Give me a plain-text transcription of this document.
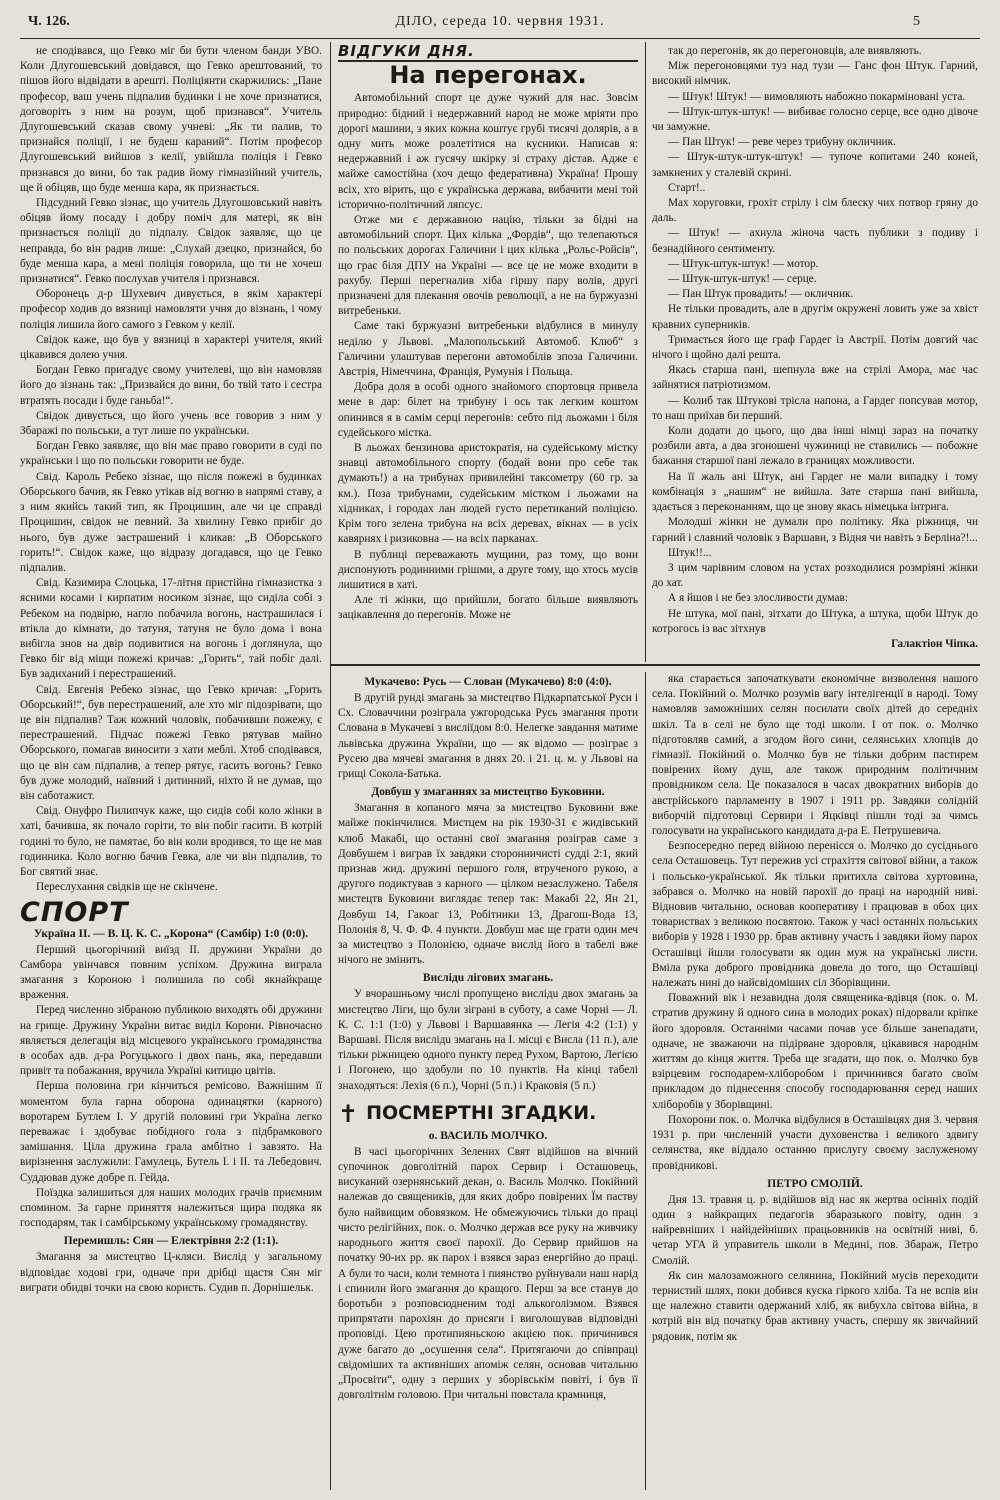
Ч. 126.	ДІЛО, середа 10. червня 1931.	5

не сподівався, що Гевко міг би бути членом банди УВО. Коли Длугошевський довідався, що Гевко арештований, то пішов його відвідати в арешті. Поліціянти скаржились: „Пане професор, ваш учень підпалив будинки і не хоче признатися, договоріть з ним на розум, щоб признався“. Учитель Длугошевський сказав свому учневі: „Як ти палив, то признайся поліції, і не будеш караний“. Потім професор Длугошевський вийшов з келії, увійшла поліція і Гевко признався до вини, бо так радив йому гімназійний учитель, ще й обіцяв, що буде менша кара, як признається.

Підсудний Гевко зізнає, що учитель Длугошовський навіть обіцяв йому посаду і добру поміч для матері, як він признається поліції до підпалу. Свідок заявляє, що це неправда, бо він радив лише: „Слухай дзецко, признайся, бо буде менша кара, а мені поліція говорила, що ти не хочеш признатися“. Гевко послухав учителя і признався.

Оборонець д-р Шухевич дивується, в якім характері професор ходив до вязниці намовляти учня до візнань, і чому поліція лишила його самого з Гевком у келії.

Свідок каже, що був у вязниці в характері учителя, який цікавився долею учня.

Богдан Гевко пригадує свому учителеві, що він намовляв його до зізнань так: „Призвайся до вини, бо твій тато і сестра втратять посади і буде ганьба!“.

Свідок дивується, що його учень все говорив з ним у Збаражі по польськи, а тут лише по українськи.

Богдан Гевко заявляє, що він має право говорити в суді по українськи і що по польськи говорити не буде.

Свід. Кароль Ребеко зізнає, що після пожежі в будинках Оборського бачив, як Гевко утікав від вогню в напрямі ставу, а з ним якийсь такий тип, як Процишин, але чи це справді Процишин, свідок не певний. За хвилину Гевко прибіг до нього, був дуже застрашений і кликав: „В Оборського горить!“. Свідок каже, що відразу догадався, що це Гевко підпалив.

Свід. Казимира Слоцька, 17-літня пристійна гімназистка з ясними косами і кирпатим носиком зізнає, що сиділа собі з Ребеком на подвірю, нагло побачила вогонь, настрашилася і втікла до кімнати, до татуня, татуня не було дома і вона вибігла знов на двір подивитися на вогонь і доглянула, що Гевко біг від міщи пожежі кричав: „Горить“, тай побіг далі. Був задиханий і перестрашений.

Свід. Евгенія Ребеко зізнає, що Гевко кричав: „Горить Оборський!“, був перестрашений, але хто міг підозрівати, що це він підпалив? Таж кожний чоловік, побачивши пожежу, є перестрашений. Підчас пожежі Гевко рятував майно Оборського, помагав виносити з хати меблі. Хтоб сподівався, що це він сам підпалив, а тепер рятує, гасить вогонь? Гевко був дуже молодий, наївний і дитинний, ніхто й не думав, що він саботажист.

Свід. Онуфро Пилипчук каже, що сидів собі коло жінки в хаті, бачивша, як почало горіти, то він побіг гасити. В котрій годині то було, не памятає, бо він коли вродився, то ще не мав годинника. Коло вогню бачив Гевка, але чи він підпалив, то Бог святий знає.

Переслухання свідків ще не скінчене.

СПОРТ
Україна II. — В. Ц. К. С. „Корона“ (Самбір) 1:0 (0:0).

Перший цьогорічний виїзд II. дружини України до Самбора увінчався повним успіхом. Дружина виграла змагання з Короною і полишила по собі якнайкраще враження.

Перед численно зібраною публикою виходять обі дружини на грище. Дружину України витає виділ Корони. Рівночасно являється делегація від місцевого українського громадянства в особах адв. д-ра Рогуцького і двох пань, яка, передавши привіт та побажання, вручила Україні китицю цвітів.

Перша половина гри кінчиться ремісово. Важнішим її моментом була гарна оборона одинацятки (карного) воротарем Бутлем І. У другій половині гри Україна легко переважає і здобуває побідного гола з підбрамкового замішання. Ціла дружина грала амбітно і завзято. На вирізнення заслужили: Гамулець, Бутель І. і ІІ. та Лебедович. Суддював дуже добре п. Гейда.

Поїздка залишиться для наших молодих грачів приємним спомином. За гарне приняття належиться щира подяка як господарям, так і самбірському українському громадянству.

Перемишль: Сян — Електрівня 2:2 (1:1).

Змагання за мистецтво Ц-кляси. Вислід у загальному відповідає ходові гри, одначе при дрібці щастя Сян міг виграти обидві точки на свою користь. Судив п. Дорнішельк.

ВІДГУКИ ДНЯ.
На перегонах.

Автомобільний спорт це дуже чужий для нас. Зовсім природно: бідний і недержавний народ не може мріяти про дорогі машини, з яких кожна коштує грубі тисячі долярів, а в одну мить може розлетітися на кусники. Написав я: недержавний і аж гусячу шкірку зі страху дістав. Адже є майже самостійна (хоч дещо федеративна) Україна! Прошу всіх, хто вірить, що є українська держава, вибачити мені той історично-політичний ляпсус.

Отже ми є державною націю, тільки за бідні на автомобільний спорт. Цих кілька „Фордів“, що телепаються по польських дорогах Галичини і цих кілька „Рольс-Ройсів“, що грає біля ДПУ на Україні — все це не може входити в рахубу. Перші перегналив хіба гіршу пару волів, другі призначені для плекання овочів революції, а не на буржуазні витребеньки.

Саме такі буржуазні витребеньки відбулися в минулу неділю у Львові. „Малопольський Автомоб. Клюб“ з Галичини улаштував перегони автомобілів зпоза Галичини. Австрія, Німеччина, Франція, Румунія і Польща.

Добра доля в особі одного знайомого спортовця привела мене в дар: білет на трибуну і ось так легким коштом опинився я в самім серці перегонів: себто під льожами і біля судейського містка.

В льожах бензинова аристократія, на судейському містку знавці автомобільного спорту (бодай вони про себе так думають!) а на трибунах привилейні таксометру (60 гр. за км.). Поза трибунами, судейським містком і льожами на хідниках, і городах лан людей густо перетиканий поліцією. Крім того зелена трибуна на всіх деревах, вікнах — в усіх кавярнях і ризиковна — на всіх парканах.

В публиці переважають мущини, раз тому, що вони диспонують родинними грішми, а друге тому, що хтось мусів лишитися в хаті.

Але ті жінки, що прийшли, богато більше виявляють зацікавлення до перегонів. Може не

так до перегонів, як до перегоновців, але виявляють.

Між перегоновцями туз над тузи — Ганс фон Штук. Гарний, високий німчик.

— Штук! Штук! — вимовляють набожно покарміновані уста.

— Штук-штук-штук! — вибиває голосно серце, все одно дівоче чи замужне.

— Пан Штук! — реве через трибуну окличник.

— Штук-штук-штук-штук! — тупоче копитами 240 коней, замкнених у сталевій скрині.

Старт!..

Мах хоруговки, грохіт стрілу і сім блеску чих потвор гряну до даль.

— Штук! — ахнула жіноча часть публики з подиву і безнадійного сентименту.

— Штук-штук-штук! — мотор.

— Штук-штук-штук! — серце.

— Пан Штук провадить! — окличник.

Не тільки провадить, але в другім окружені ловить уже за хвіст кравних суперників.

Тримається його ще граф Гардег із Австрії. Потім довгий час нічого і щойно далі решта.

Якась старша пані, шепнула вже на стрілі Амора, має час зайнятися патріотизмом.

— Колиб так Штукові тріслa напона, а Гардег попсував мотор, то наш приїхав би перший.

Коли додати до цього, що два інші німці зараз на початку розбили авта, а два згоношені чужиниці не ставились — побожне бажання старшої пані лежало в границях можливости.

На її жаль ані Штук, ані Гардег не мали випадку і тому комбінація з „нашим“ не вийшла. Зате старша пані вийшла, здається з переконанням, що це знову якась німецька інтрига.

Молодші жінки не думали про політику. Яка ріжниця, чи гарний і славний чоловік з Варшави, з Відня чи навіть з Берліна?!...

Штук!!...

З цим чарівним словом на устах розходилися розмріяні жінки до хат.

А я йшов і не без злосливости думав:

Не штука, мої пані, зітхати до Штука, а штука, щоби Штук до котрогось із вас зітхнув

Галактіон Чіпка.

Мукачево: Русь — Слован (Мукачево) 8:0 (4:0).

В другій рунді змагань за мистецтво Підкарпатської Руси і Сх. Словаччини розіграла ужгородська Русь змагання проти Слована в Мукачеві з висліїдом 8:0. Нелегке завдання матиме львівська дружина України, що — як відомо — розіграє з Русею два мячеві змагання в днях 20. і 21. ц. м. у Львові на грищі Сокола-Батька.

Довбуш у змаганнях за мистецтво Буковини.

Змагання в копаного мяча за мистецтво Буковини вже майже покінчилися. Мистцем на рік 1930-31 є жидівський клюб Макабі, що останні свої змагання розіграв саме з Довбушем і виграв їх завдяки сторонничисті судді 2:1, який признав жид. дружині першого голя, втрученого рукою, а другого подиктував з карного — цілком незаслужено. Табеля мистецтв Буковини виглядає тепер так: Макабі 22, Ян 21, Довбуш 14, Гакоаг 13, Робітники 13, Драгош-Вода 13, Полонія 8, Ч. Ф. Ф. 4 пункти. Довбуш має ще грати один меч за мистецтво з Полонією, одначе вислід його в табелі вже нічого не змінить.

Вислідu лігових змагань.

У вчорашньому числі пропущено вислідu двох змагань за мистецтво Ліги, що були зігранi в суботу, а саме Чорні — Л. К. С. 1:1 (1:0) у Львові і Варшавянка — Легія 4:2 (1:1) у Варшаві. Після вислідu змагань на І. місці є Висла (11 п.), але тільки ріжницею одного пункту перед Рухом, Вартою, Легією і Погонею, що здобули по 10 пунктів. На кінці табелі знаходяться: Лехія (6 п.), Чорні (5 п.) і Краковія (5 п.)

✝ ПОСМЕРТНІ ЗГАДКИ.
о. ВАСИЛЬ МОЛЧКО.

В часі цьогорічних Зелених Свят відійшов на вічний супочинок довголітній парох Сервир і Осташовець, висуканий озернянський декан, о. Василь Молчко. Покійний належав до священиків, для яких добро повірених Їм паству було найвищим обовязком. Не обмежуючись тільки до праці чисто релігійних, пок. о. Молчко держав все руку на живчику народнього життя своєї парохії. До Сервир прийшов на початку 90-их рр. як парох і взявся зараз енергійно до праці. А були то часи, коли темнота і пиянство руйнували наш нарід і спинили його змагання до кращого. Перш за все станув до боротьби з розповсюдненим тоді алькоголізмом. Взявся припрятати парохіян до присяги і виголошував відповідні проповіді. Цею протипияньскою акцією пок. причинився дуже багато до „осушення села“. Притягаючи до співпраці свідоміших та активніших апомiж селян, основав читальню „Просвіти“, одну з перших у зборівськім повіті, і був її довголітнім головою. При читальні повстала крамниця,

яка старається започаткувати економічне визволення нашого села. Покійний о. Молчко розумів вагу інтелігенції в народі. Тому намовляв заможніших селян посилати своїх дітей до середніх шкіл. Та в селі не було ще тоді школи. І от пок. о. Молчко підготовляв самий, а згодом його сини, селянських хлопців до гімназії. Покійний о. Молчко був не тільки добрим пастирем повірених йому душ, але також природним політичним провідником села. Це показалося в часах двократних виборів до австрійського парламенту в 1907 і 1911 рр. Завдяки солідній виборчій підготовці Сервири і Яцківці пішли тоді за чимсь голосувати на українського кандидата д-ра Е. Петрушевича.

Безпосередно перед війною перенісся о. Молчко до сусіднього села Осташовець. Тут пережив усі страхіття світової війни, а також і польсько-української. Як тільки притихла світова хуртовина, забрався о. Молчко на новій парохії до праці на народній ниві. Відновив читальню, основав кооперативу і працював в обох цих товариствах з великою посвятою. Також у часі останніх польських виборів у 1928 і 1930 рр. брав активну участь і завдяки йому парох Осташівці йшли голосувати як один муж на українські листи. Вміла рука доброго провідника довела до того, що Осташівці належать нині до найсвідоміших сіл Зборівщини.

Поважний вік і незавидна доля священика-вдівця (пок. о. М. стратив дружину й одного сина в молодих роках) підорвали кріпке його здоровля. Останніми часами почав усе більше занепадати, одначе, не зважаючи на підірване здоровля, цікавився народнім життям до кінця життя. Треба ще згадати, що пок. о. Молчко був взірцевим господарем-хліборобом і причинився багато своїм прикладом до піднесення способу господарювання серед наших хліборобів у Зборівщині.

Похорони пок. о. Молчка відбулися в Осташівцях дня 3. червня 1931 р. при численній участи духовенства і великого здвигу селянства, яке віддало останню прислугу своєму заслуженому провідникові.

ПЕТРО СМОЛІЙ.

Дня 13. травня ц. р. відійшов від нас як жертва осінніх подій один з найкращих педагогів збаразького повіту, один з найревніших і найідейніших працьовників на освітній ниві, б. четар УГА й управитель школи в Медині, пов. Збараж, Петро Смолій.

Як син малозаможного селянина, Покійний мусів переходити тернистий шлях, поки добився куска гіркого хліба. Та не вспів він ще належно ставити одержаний хліб, як вибухла світова війна, в котрій він від початку брав активну участь, спершу як звичайний рядовик, потім як
